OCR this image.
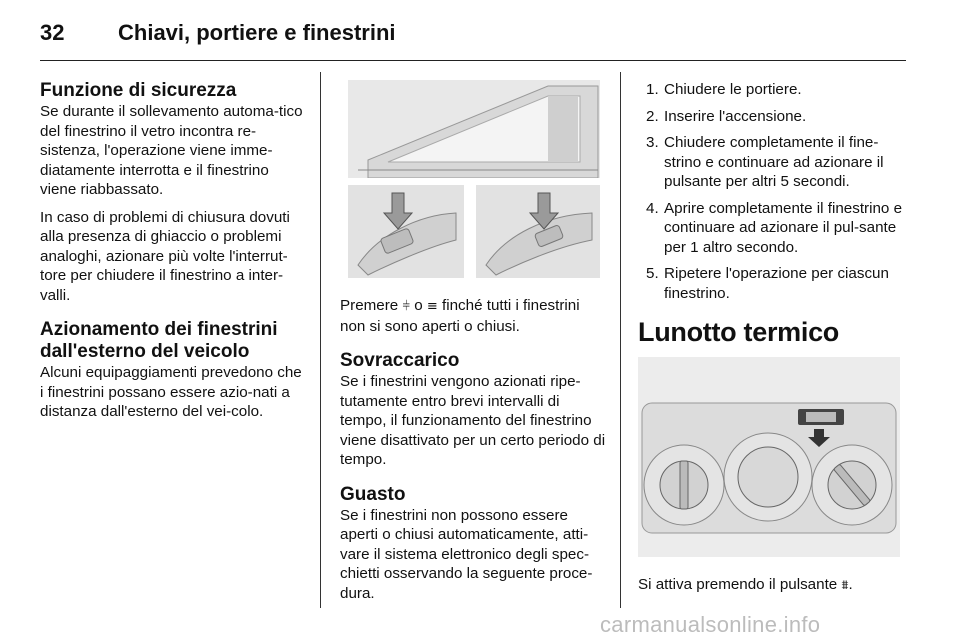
32 Chiavi, portiere e finestrini
Funzione di sicurezza

Se durante il sollevamento automa-tico del finestrino il vetro incontra re-sistenza, l'operazione viene imme-diatamente interrotta e il finestrino viene riabbassato.

In caso di problemi di chiusura dovuti alla presenza di ghiaccio o problemi analoghi, azionare più volte l'interrut-tore per chiudere il finestrino a inter-valli.

Azionamento dei finestrini dall'esterno del veicolo

Alcuni equipaggiamenti prevedono che i finestrini possano essere azio-nati a distanza dall'esterno del vei-colo.

Premere ⫩ o ≡ finché tutti i finestrini non si sono aperti o chiusi.

Sovraccarico

Se i finestrini vengono azionati ripe-tutamente entro brevi intervalli di tempo, il funzionamento del finestrino viene disattivato per un certo periodo di tempo.

Guasto

Se i finestrini non possono essere aperti o chiusi automaticamente, atti-vare il sistema elettronico degli spec-chietti osservando la seguente proce-dura.

1. Chiudere le portiere.
2. Inserire l'accensione.
3. Chiudere completamente il fine-strino e continuare ad azionare il pulsante per altri 5 secondi.
4. Aprire completamente il finestrino e continuare ad azionare il pul-sante per 1 altro secondo.
5. Ripetere l'operazione per ciascun finestrino.
Lunotto termico

Si attiva premendo il pulsante ⩩.

carmanualsonline.info
